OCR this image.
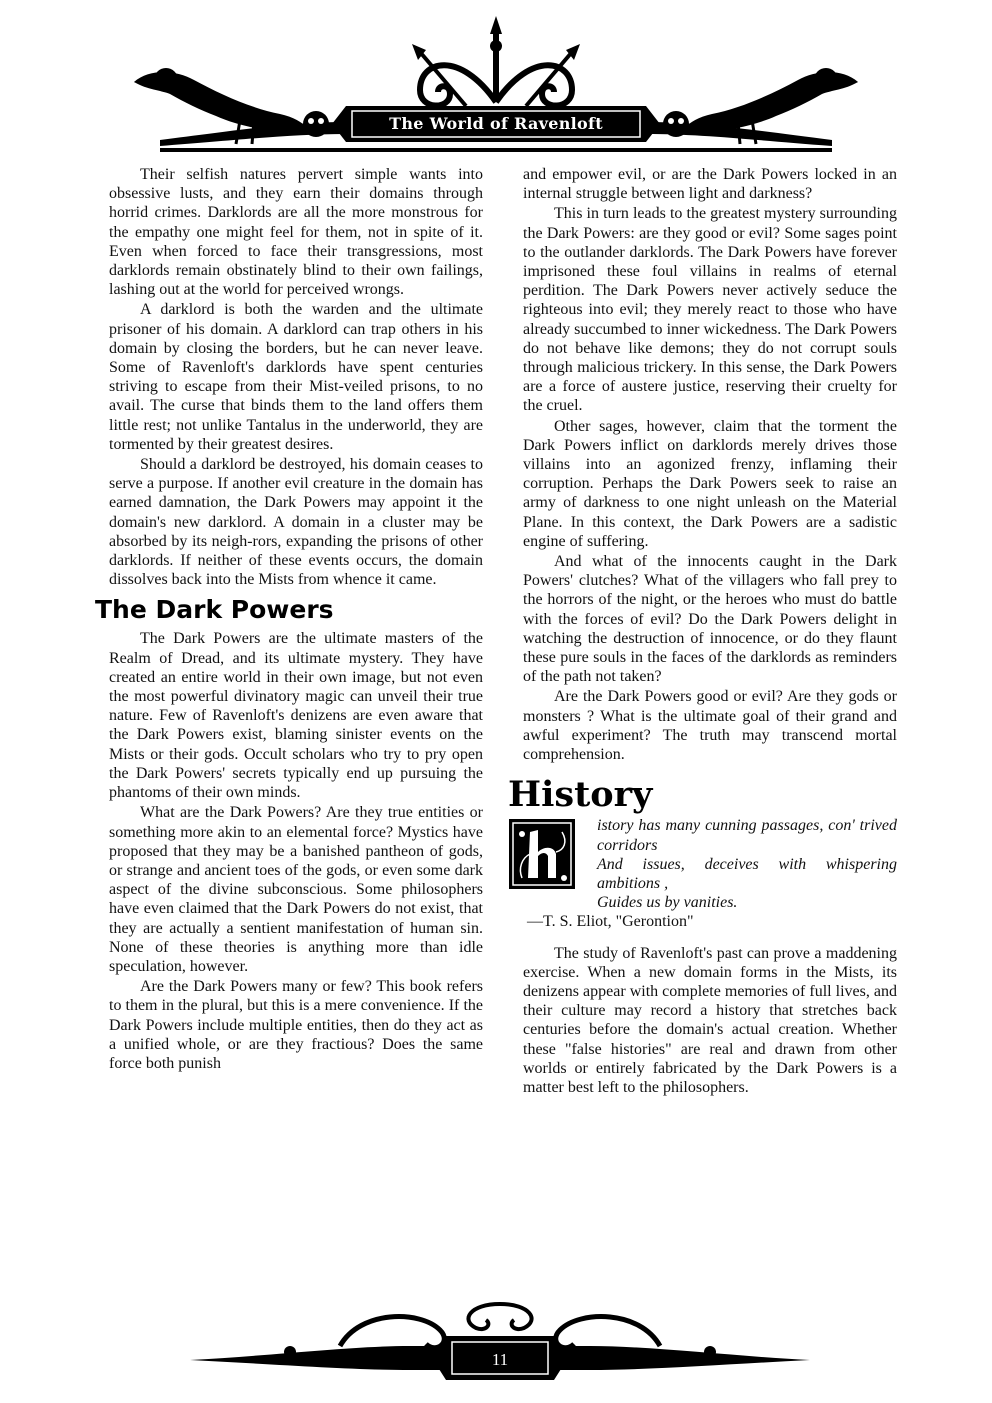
The World of Ravenloft

Their selfish natures pervert simple wants into obsessive lusts, and they earn their domains through horrid crimes. Darklords are all the more monstrous for the empathy one might feel for them, not in spite of it. Even when forced to face their transgressions, most darklords remain obstinately blind to their own failings, lashing out at the world for perceived wrongs.

A darklord is both the warden and the ultimate prisoner of his domain. A darklord can trap others in his domain by closing the borders, but he can never leave. Some of Ravenloft's darklords have spent centuries striving to escape from their Mist-veiled prisons, to no avail. The curse that binds them to the land offers them little rest; not unlike Tantalus in the underworld, they are tormented by their greatest desires.

Should a darklord be destroyed, his domain ceases to serve a purpose. If another evil creature in the domain has earned damnation, the Dark Powers may appoint it the domain's new darklord. A domain in a cluster may be absorbed by its neigh-rors, expanding the prisons of other darklords. If neither of these events occurs, the domain dissolves back into the Mists from whence it came.

The Dark Powers

The Dark Powers are the ultimate masters of the Realm of Dread, and its ultimate mystery. They have created an entire world in their own image, but not even the most powerful divinatory magic can unveil their true nature. Few of Ravenloft's denizens are even aware that the Dark Powers exist, blaming sinister events on the Mists or their gods. Occult scholars who try to pry open the Dark Powers' secrets typically end up pursuing the phantoms of their own minds.

What are the Dark Powers? Are they true entities or something more akin to an elemental force? Mystics have proposed that they may be a banished pantheon of gods, or strange and ancient toes of the gods, or even some dark aspect of the divine subconscious. Some philosophers have even claimed that the Dark Powers do not exist, that they are actually a sentient manifestation of human sin. None of these theories is anything more than idle speculation, however.

Are the Dark Powers many or few? This book refers to them in the plural, but this is a mere convenience. If the Dark Powers include multiple entities, then do they act as a unified whole, or are they fractious? Does the same force both punish

and empower evil, or are the Dark Powers locked in an internal struggle between light and darkness?

This in turn leads to the greatest mystery surrounding the Dark Powers: are they good or evil? Some sages point to the outlander darklords. The Dark Powers have forever imprisoned these foul villains in realms of eternal perdition. The Dark Powers never actively seduce the righteous into evil; they merely react to those who have already succumbed to inner wickedness. The Dark Powers do not behave like demons; they do not corrupt souls through malicious trickery. In this sense, the Dark Powers are a force of austere justice, reserving their cruelty for the cruel.

Other sages, however, claim that the torment the Dark Powers inflict on darklords merely drives those villains into an agonized frenzy, inflaming their corruption. Perhaps the Dark Powers seek to raise an army of darkness to one night unleash on the Material Plane. In this context, the Dark Powers are a sadistic engine of suffering.

And what of the innocents caught in the Dark Powers' clutches? What of the villagers who fall prey to the horrors of the night, or the heroes who must do battle with the forces of evil? Do the Dark Powers delight in watching the destruction of innocence, or do they flaunt these pure souls in the faces of the darklords as reminders of the path not taken?

Are the Dark Powers good or evil? Are they gods or monsters ? What is the ultimate goal of their grand and awful experiment? The truth may transcend mortal comprehension.

History
istory has many cunning passages, con' trived corridors
And issues, deceives with whispering ambitions ,
Guides us by vanities.
—T. S. Eliot, "Gerontion"

The study of Ravenloft's past can prove a maddening exercise. When a new domain forms in the Mists, its denizens appear with complete memories of full lives, and their culture may record a history that stretches back centuries before the domain's actual creation. Whether these "false histories" are real and drawn from other worlds or entirely fabricated by the Dark Powers is a matter best left to the philosophers.

11
